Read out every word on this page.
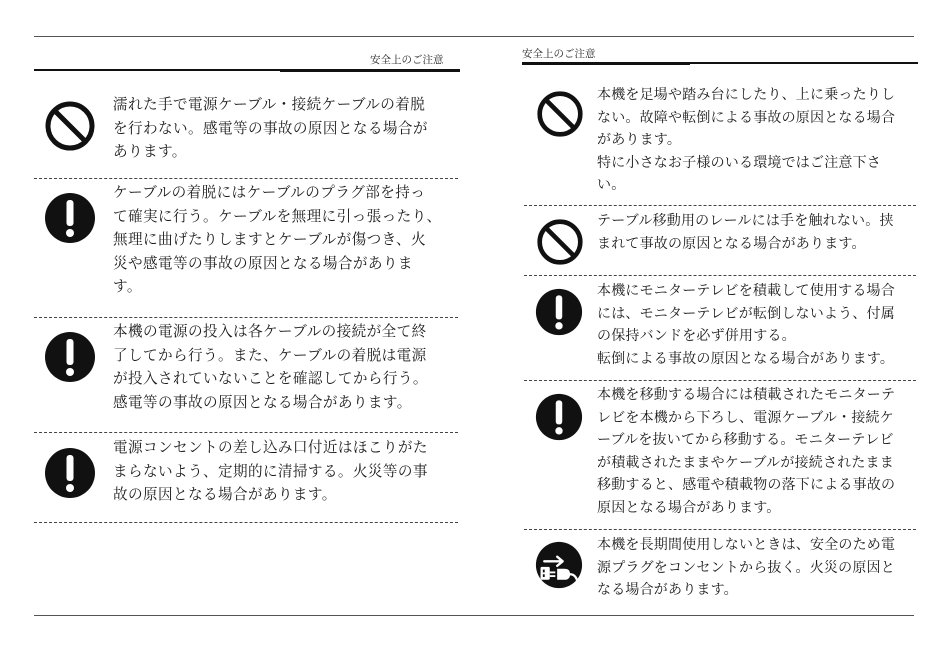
安全上のご注意
濡れた手で電源ケーブル・接続ケーブルの着脱
を行わない。感電等の事故の原因となる場合が
あります。
ケーブルの着脱にはケーブルのプラグ部を持っ
て確実に行う。ケーブルを無理に引っ張ったり、
無理に曲げたりしますとケーブルが傷つき、火
災や感電等の事故の原因となる場合がありま
す。
本機の電源の投入は各ケーブルの接続が全て終
了してから行う。また、ケーブルの着脱は電源
が投入されていないことを確認してから行う。
感電等の事故の原因となる場合があります。
電源コンセントの差し込み口付近はほこりがた
まらないよう、定期的に清掃する。火災等の事
故の原因となる場合があります。
安全上のご注意
本機を足場や踏み台にしたり、上に乗ったりし
ない。故障や転倒による事故の原因となる場合
があります。
特に小さなお子様のいる環境ではご注意下さ
い。
テーブル移動用のレールには手を触れない。挟
まれて事故の原因となる場合があります。
本機にモニターテレビを積載して使用する場合
には、モニターテレビが転倒しないよう、付属
の保持バンドを必ず併用する。
転倒による事故の原因となる場合があります。
本機を移動する場合には積載されたモニターテ
レビを本機から下ろし、電源ケーブル・接続ケ
ーブルを抜いてから移動する。モニターテレビ
が積載されたままやケーブルが接続されたまま
移動すると、感電や積載物の落下による事故の
原因となる場合があります。
本機を長期間使用しないときは、安全のため電
源プラグをコンセントから抜く。火災の原因と
なる場合があります。
